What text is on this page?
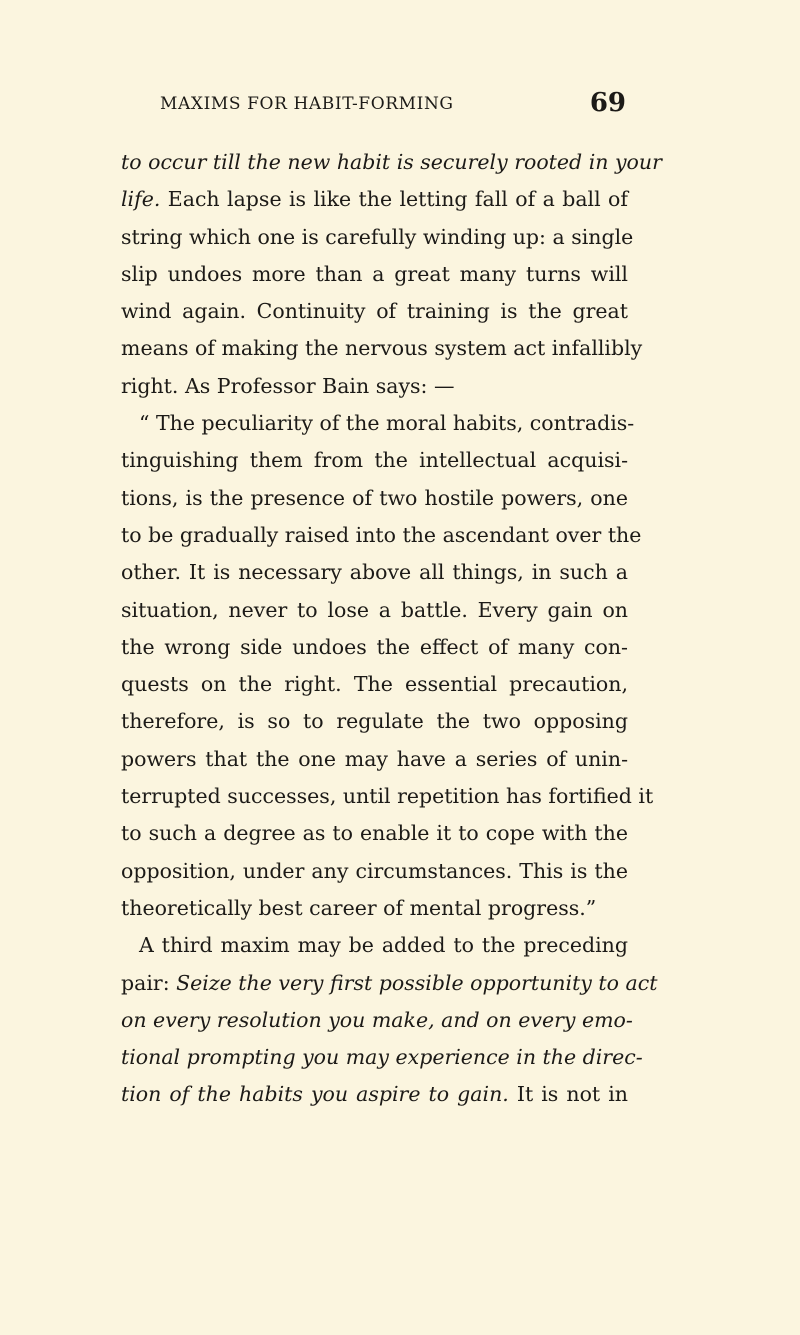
MAXIMS FOR HABIT-FORMING	69
to occur till the new habit is securely rooted in your
life. Each lapse is like the letting fall of a ball of
string which one is carefully winding up: a single
slip undoes more than a great many turns will
wind again. Continuity of training is the great
means of making the nervous system act infallibly
right. As Professor Bain says: —
“ The peculiarity of the moral habits, contradis-
tinguishing them from the intellectual acquisi-
tions, is the presence of two hostile powers, one
to be gradually raised into the ascendant over the
other. It is necessary above all things, in such a
situation, never to lose a battle. Every gain on
the wrong side undoes the effect of many con-
quests on the right. The essential precaution,
therefore, is so to regulate the two opposing
powers that the one may have a series of unin-
terrupted successes, until repetition has fortified it
to such a degree as to enable it to cope with the
opposition, under any circumstances. This is the
theoretically best career of mental progress.”
A third maxim may be added to the preceding
pair: Seize the very first possible opportunity to act
on every resolution you make, and on every emo-
tional prompting you may experience in the direc-
tion of the habits you aspire to gain. It is not in
